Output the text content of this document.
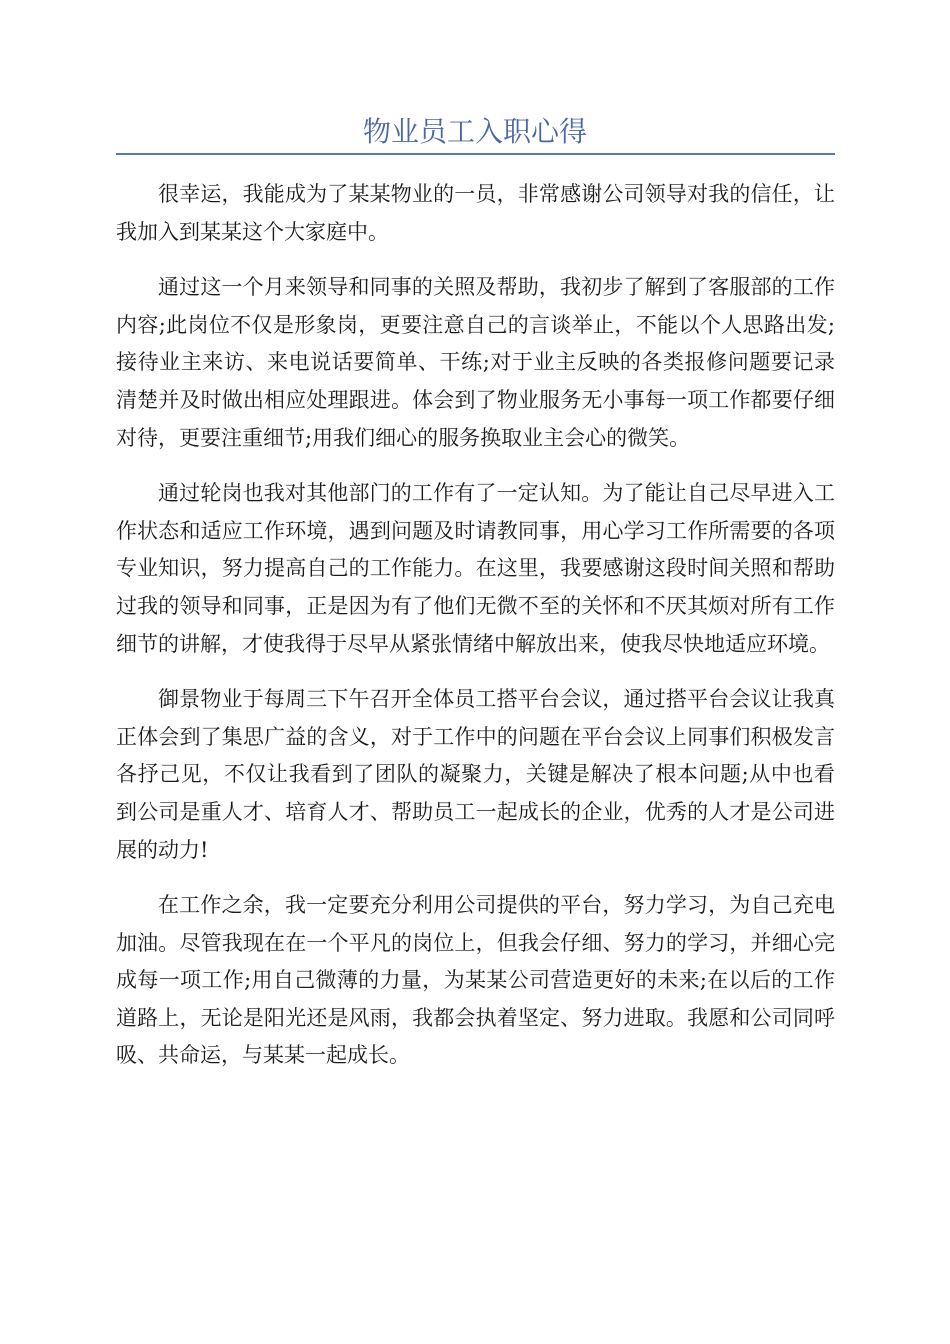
物业员工入职心得

很幸运，我能成为了某某物业的一员，非常感谢公司领导对我的信任，让我加入到某某这个大家庭中。

通过这一个月来领导和同事的关照及帮助，我初步了解到了客服部的工作内容;此岗位不仅是形象岗，更要注意自己的言谈举止，不能以个人思路出发;接待业主来访、来电说话要简单、干练;对于业主反映的各类报修问题要记录清楚并及时做出相应处理跟进。体会到了物业服务无小事每一项工作都要仔细对待，更要注重细节;用我们细心的服务换取业主会心的微笑。

通过轮岗也我对其他部门的工作有了一定认知。为了能让自己尽早进入工作状态和适应工作环境，遇到问题及时请教同事，用心学习工作所需要的各项专业知识，努力提高自己的工作能力。在这里，我要感谢这段时间关照和帮助过我的领导和同事，正是因为有了他们无微不至的关怀和不厌其烦对所有工作细节的讲解，才使我得于尽早从紧张情绪中解放出来，使我尽快地适应环境。

御景物业于每周三下午召开全体员工搭平台会议，通过搭平台会议让我真正体会到了集思广益的含义，对于工作中的问题在平台会议上同事们积极发言各抒己见，不仅让我看到了团队的凝聚力，关键是解决了根本问题;从中也看到公司是重人才、培育人才、帮助员工一起成长的企业，优秀的人才是公司进展的动力!

在工作之余，我一定要充分利用公司提供的平台，努力学习，为自己充电加油。尽管我现在在一个平凡的岗位上，但我会仔细、努力的学习，并细心完成每一项工作;用自己微薄的力量，为某某公司营造更好的未来;在以后的工作道路上，无论是阳光还是风雨，我都会执着坚定、努力进取。我愿和公司同呼吸、共命运，与某某一起成长。
